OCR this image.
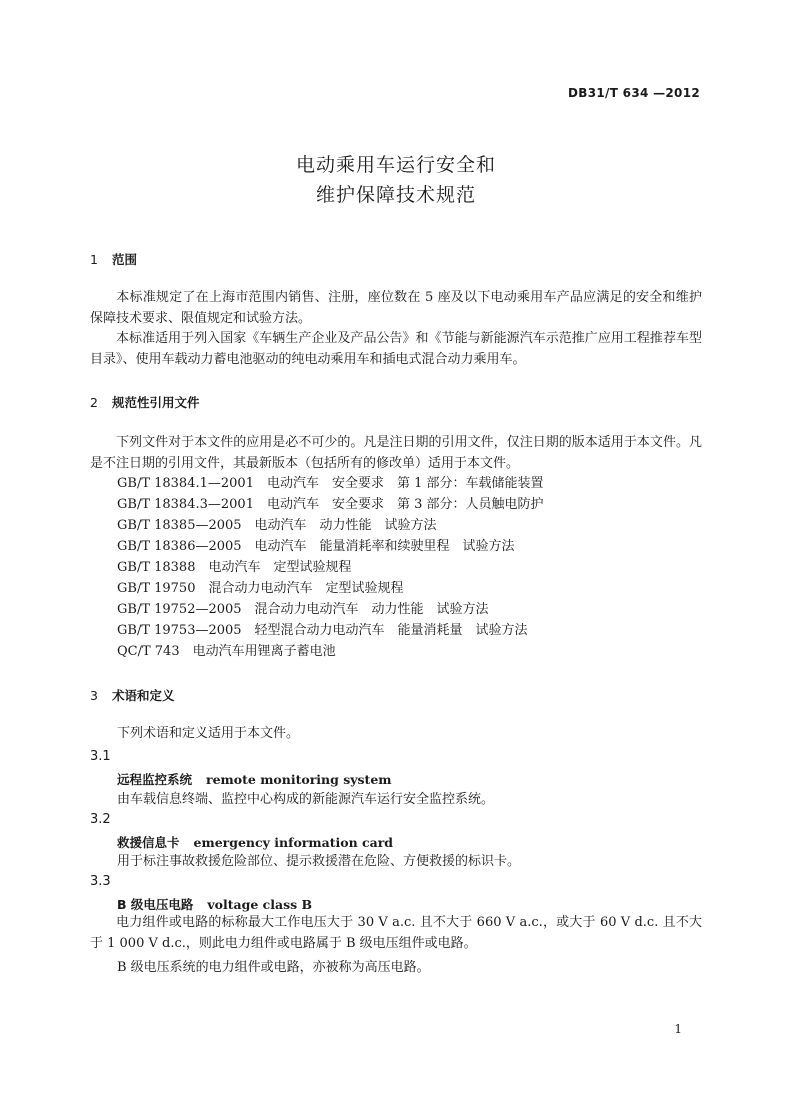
DB31/T 634 —2012
电动乘用车运行安全和
维护保障技术规范
1 范围
本标准规定了在上海市范围内销售、注册，座位数在 5 座及以下电动乘用车产品应满足的安全和维护保障技术要求、限值规定和试验方法。
本标准适用于列入国家《车辆生产企业及产品公告》和《节能与新能源汽车示范推广应用工程推荐车型目录》、使用车载动力蓄电池驱动的纯电动乘用车和插电式混合动力乘用车。
2 规范性引用文件
下列文件对于本文件的应用是必不可少的。凡是注日期的引用文件，仅注日期的版本适用于本文件。凡是不注日期的引用文件，其最新版本（包括所有的修改单）适用于本文件。
GB/T 18384.1—2001　电动汽车　安全要求　第 1 部分：车载储能装置
GB/T 18384.3—2001　电动汽车　安全要求　第 3 部分：人员触电防护
GB/T 18385—2005　电动汽车　动力性能　试验方法
GB/T 18386—2005　电动汽车　能量消耗率和续驶里程　试验方法
GB/T 18388　电动汽车　定型试验规程
GB/T 19750　混合动力电动汽车　定型试验规程
GB/T 19752—2005　混合动力电动汽车　动力性能　试验方法
GB/T 19753—2005　轻型混合动力电动汽车　能量消耗量　试验方法
QC/T 743　电动汽车用锂离子蓄电池
3 术语和定义
下列术语和定义适用于本文件。
3.1
远程监控系统 remote monitoring system
由车载信息终端、监控中心构成的新能源汽车运行安全监控系统。
3.2
救援信息卡 emergency information card
用于标注事故救援危险部位、提示救援潜在危险、方便救援的标识卡。
3.3
B 级电压电路 voltage class B
电力组件或电路的标称最大工作电压大于 30 V a.c. 且不大于 660 V a.c.，或大于 60 V d.c. 且不大于 1 000 V d.c.，则此电力组件或电路属于 B 级电压组件或电路。
B 级电压系统的电力组件或电路，亦被称为高压电路。
1
